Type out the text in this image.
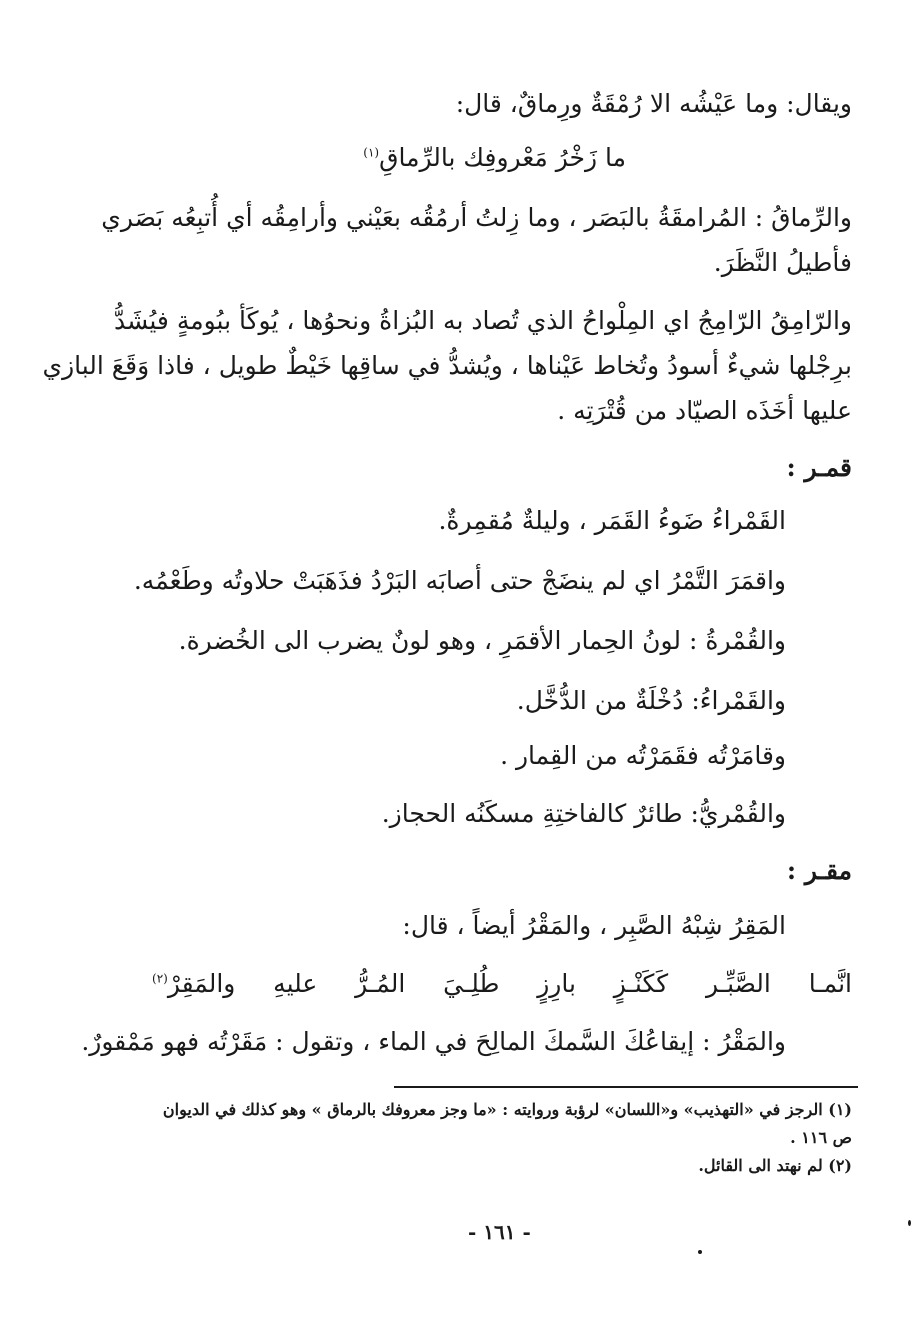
ويقال: وما عَيْشُه الا رُمْقَةٌ ورِماقٌ، قال:
ما زَخْرُ مَعْروفِك بالرِّماقِ$^{(١)}$
والرِّماقُ : المُرامقَةُ بالبَصَر ، وما زِلتُ أرمُقُه بعَيْني وأرامِقُه أي أُتبِعُه بَصَري
فأطيلُ النَّظَرَ.
والرّامِقُ الرّامِجُ اي المِلْواحُ الذي تُصاد به البُزاةُ ونحوُها ، يُوكَأ ببُومةٍ فيُشَدُّ
برِجْلها شيءٌ أسودُ وتُخاط عَيْناها ، ويُشدُّ في ساقِها خَيْطٌ طويل ، فاذا وَقَعَ البازي
عليها أخَذَه الصيّاد من قُتْرَتِه .
قمـر :
القَمْراءُ ضَوءُ القَمَر ، وليلةٌ مُقمِرةٌ.
واقمَرَ التَّمْرُ اي لم ينضَجْ حتى أصابَه البَرْدُ فذَهَبَتْ حلاوتُه وطَعْمُه.
والقُمْرةُ : لونُ الحِمار الأقمَرِ ، وهو لونٌ يضرب الى الخُضرة.
والقَمْراءُ: دُخْلَةٌ من الدُّخَّل.
وقامَرْتُه فقَمَرْتُه من القِمار .
والقُمْريُّ: طائرٌ كالفاختِةِ مسكَنُه الحجاز.
مقـر :
المَقِرُ شِبْهُ الصَّبِر ، والمَقْرُ أيضاً ، قال:
انَّمـا
الصَّبِّـر
كَكَنْـزٍ
بارِزٍ
طُلِـيَ
المُـرُّ
عليهِ
والمَقِرْ$^{(٢)}$
والمَقْرُ : إيقاعُكَ السَّمكَ المالِحَ في الماء ، وتقول : مَقَرْتُه فهو مَمْقورٌ.
(١) الرجز في «التهذيب» و«اللسان» لرؤبة وروايته : «ما وجز معروفك بالرماق » وهو كذلك في الديوان
ص ١١٦ .
(٢) لم نهتد الى القائل.
- ١٦١ -
